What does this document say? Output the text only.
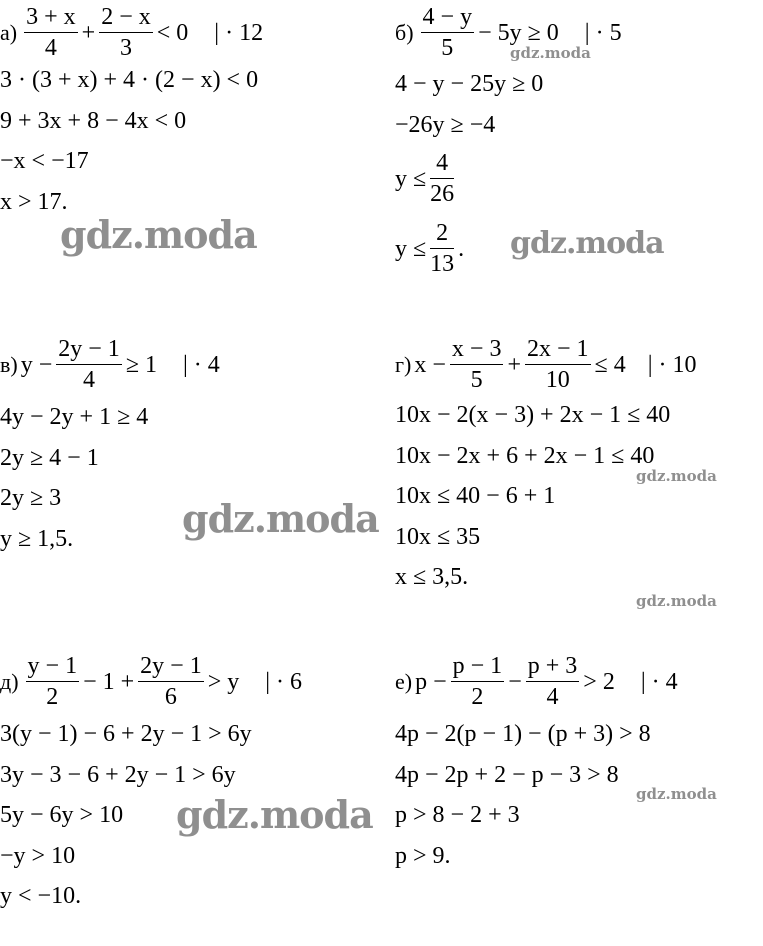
$а) \frac{3 + x}{4} + \frac{2 - x}{3} < 0$ | · 12
3 · (3 + x) + 4 · (2 − x) < 0
9 + 3x + 8 − 4x < 0
−x < −17
x > 17.
$б) \frac{4 - y}{5} - 5y \ge 0$ | · 5
4 − y − 25y ≥ 0
−26y ≥ −4
$y \le \frac{4}{26}$
$y \le \frac{2}{13}$ .
в) $y - \frac{2y - 1}{4} \ge 1$ | · 4
4y − 2y + 1 ≥ 4
2y ≥ 4 − 1
2y ≥ 3
y ≥ 1,5.
г) $x - \frac{x - 3}{5} + \frac{2x - 1}{10} \le 4$ | · 10
10x − 2(x − 3) + 2x − 1 ≤ 40
10x − 2x + 6 + 2x − 1 ≤ 40
10x ≤ 40 − 6 + 1
10x ≤ 35
x ≤ 3,5.
$д) \frac{y - 1}{2} - 1 + \frac{2y - 1}{6} > y$ | · 6
3(y − 1) − 6 + 2y − 1 > 6y
3y − 3 − 6 + 2y − 1 > 6y
5y − 6y > 10
−y > 10
y < −10.
е) $p - \frac{p - 1}{2} - \frac{p + 3}{4} > 2$ | · 4
4p − 2(p − 1) − (p + 3) > 8
4p − 2p + 2 − p − 3 > 8
p > 8 − 2 + 3
p > 9.
gdz.moda
gdz.moda	gdz.moda
gdz.moda
gdz.moda
gdz.moda
gdz.moda
gdz.moda
